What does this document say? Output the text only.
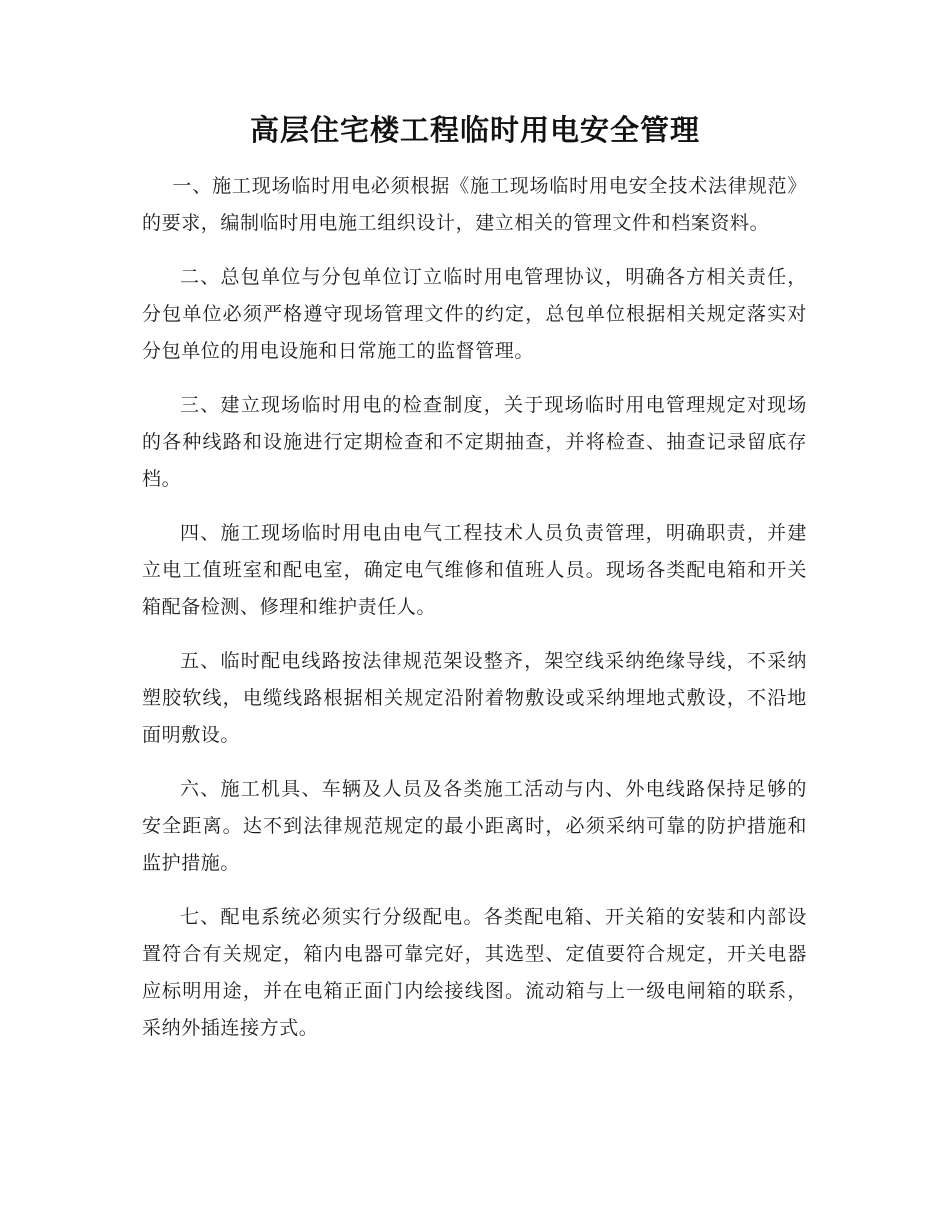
高层住宅楼工程临时用电安全管理

一、施工现场临时用电必须根据《施工现场临时用电安全技术法律规范》的要求，编制临时用电施工组织设计，建立相关的管理文件和档案资料。

二、总包单位与分包单位订立临时用电管理协议，明确各方相关责任，分包单位必须严格遵守现场管理文件的约定，总包单位根据相关规定落实对分包单位的用电设施和日常施工的监督管理。

三、建立现场临时用电的检查制度，关于现场临时用电管理规定对现场的各种线路和设施进行定期检查和不定期抽查，并将检查、抽查记录留底存档。

四、施工现场临时用电由电气工程技术人员负责管理，明确职责，并建立电工值班室和配电室，确定电气维修和值班人员。现场各类配电箱和开关箱配备检测、修理和维护责任人。

五、临时配电线路按法律规范架设整齐，架空线采纳绝缘导线，不采纳塑胶软线，电缆线路根据相关规定沿附着物敷设或采纳埋地式敷设，不沿地面明敷设。

六、施工机具、车辆及人员及各类施工活动与内、外电线路保持足够的安全距离。达不到法律规范规定的最小距离时，必须采纳可靠的防护措施和监护措施。

七、配电系统必须实行分级配电。各类配电箱、开关箱的安装和内部设置符合有关规定，箱内电器可靠完好，其选型、定值要符合规定，开关电器应标明用途，并在电箱正面门内绘接线图。流动箱与上一级电闸箱的联系，采纳外插连接方式。
